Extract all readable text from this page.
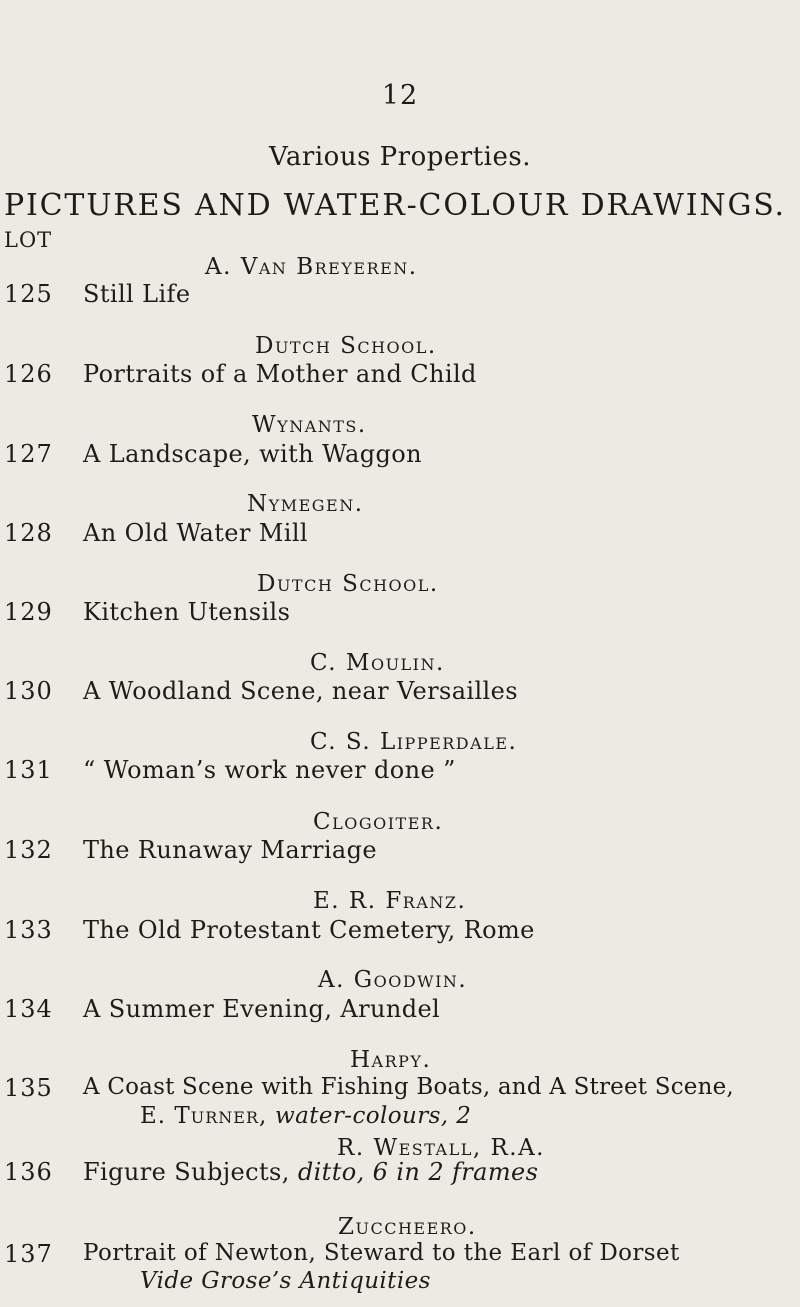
12
Various Properties.
PICTURES AND WATER-COLOUR DRAWINGS.
LOT
A. Van Breyeren.
125 Still Life
Dutch School.
126 Portraits of a Mother and Child
Wynants.
127 A Landscape, with Waggon
Nymegen.
128 An Old Water Mill
Dutch School.
129 Kitchen Utensils
C. Moulin.
130 A Woodland Scene, near Versailles
C. S. Lipperdale.
131 “ Woman’s work never done ”
Clogoiter.
132 The Runaway Marriage
E. R. Franz.
133 The Old Protestant Cemetery, Rome
A. Goodwin.
134 A Summer Evening, Arundel
Harpy.
135 A Coast Scene with Fishing Boats, and A Street Scene,
E. Turner, water-colours, 2
R. Westall, R.A.
136 Figure Subjects, ditto, 6 in 2 frames
Zuccheero.
137 Portrait of Newton, Steward to the Earl of Dorset
Vide Grose’s Antiquities
